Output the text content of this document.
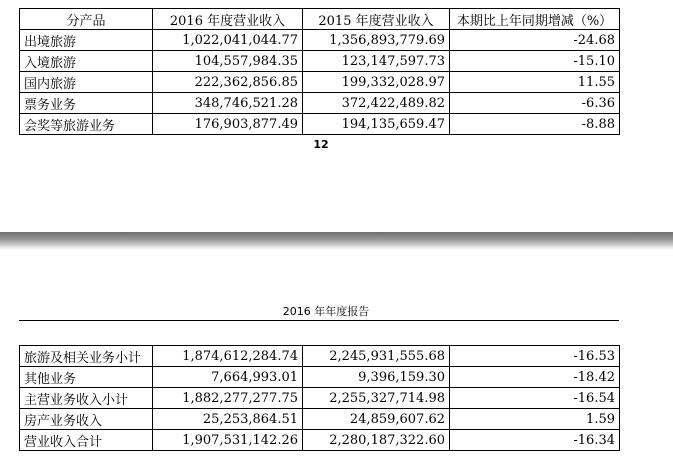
分产品	2016 年度营业收入	2015 年度营业收入	本期比上年同期增减（%）
出境旅游	1,022,041,044.77	1,356,893,779.69	-24.68
入境旅游	104,557,984.35	123,147,597.73	-15.10
国内旅游	222,362,856.85	199,332,028.97	11.55
票务业务	348,746,521.28	372,422,489.82	-6.36
会奖等旅游业务	176,903,877.49	194,135,659.47	-8.88
12
2016 年年度报告
旅游及相关业务小计	1,874,612,284.74	2,245,931,555.68	-16.53
其他业务	7,664,993.01	9,396,159.30	-18.42
主营业务收入小计	1,882,277,277.75	2,255,327,714.98	-16.54
房产业务收入	25,253,864.51	24,859,607.62	1.59
营业收入合计	1,907,531,142.26	2,280,187,322.60	-16.34
